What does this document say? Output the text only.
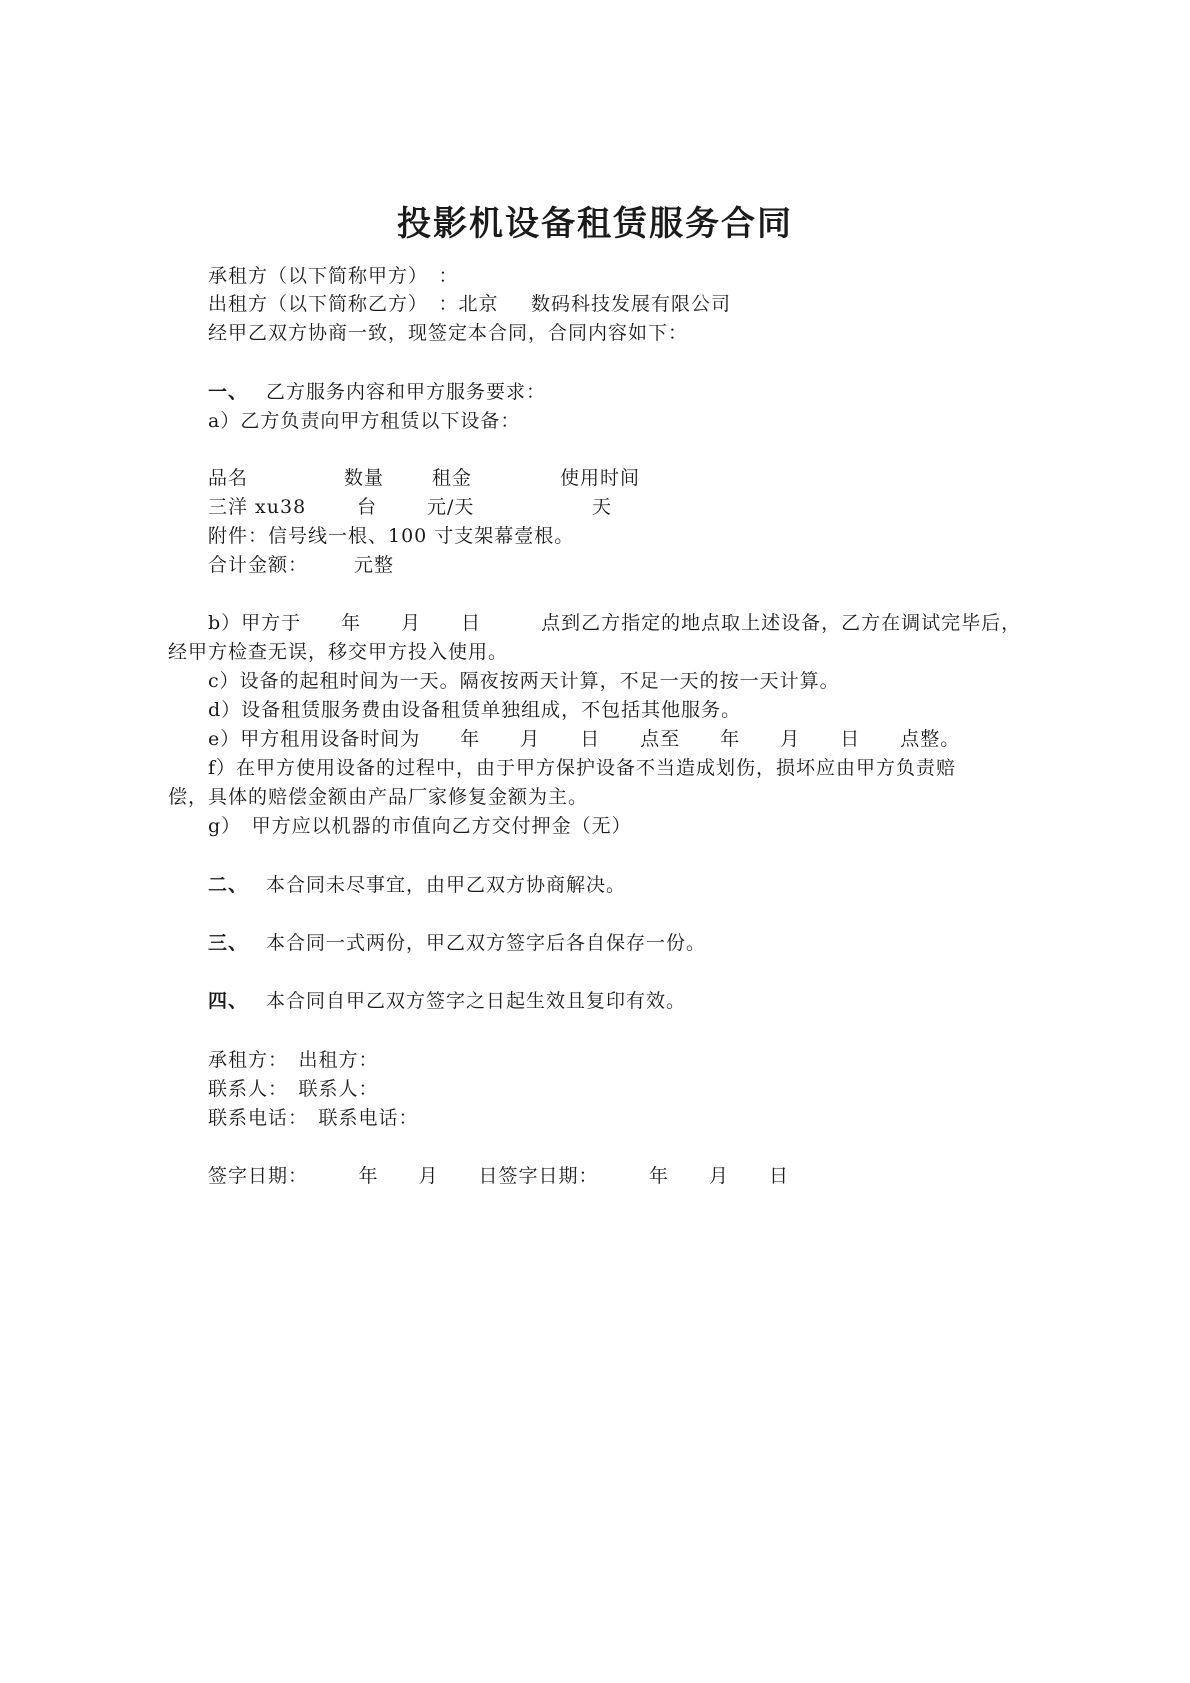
投影机设备租赁服务合同
承租方（以下简称甲方）　：
出租方（以下简称乙方）　：北京 数码科技发展有限公司
经甲乙双方协商一致，现签定本合同，合同内容如下：
一、 乙方服务内容和甲方服务要求：
a）乙方负责向甲方租赁以下设备：
品名	数量	租金	使用时间
三洋 xu38	台	元/天	天
附件：信号线一根、100 寸支架幕壹根。
合计金额： 元整
b）甲方于　　年　　月　　日　　　点到乙方指定的地点取上述设备，乙方在调试完毕后，
经甲方检查无误，移交甲方投入使用。
c）设备的起租时间为一天。隔夜按两天计算，不足一天的按一天计算。
d）设备租赁服务费由设备租赁单独组成，不包括其他服务。
e）甲方租用设备时间为　　年　　月　　日　　点至　　年　　月　　日　　点整。
f）在甲方使用设备的过程中，由于甲方保护设备不当造成划伤，损坏应由甲方负责赔
偿，具体的赔偿金额由产品厂家修复金额为主。
g）　甲方应以机器的市值向乙方交付押金（无）
二、 本合同未尽事宜，由甲乙双方协商解决。
三、 本合同一式两份，甲乙双方签字后各自保存一份。
四、 本合同自甲乙双方签字之日起生效且复印有效。
承租方：　出租方：
联系人：　联系人：
联系电话：　联系电话：
签字日期：　　　年　　月　　日签字日期：　　　年　　月　　日
